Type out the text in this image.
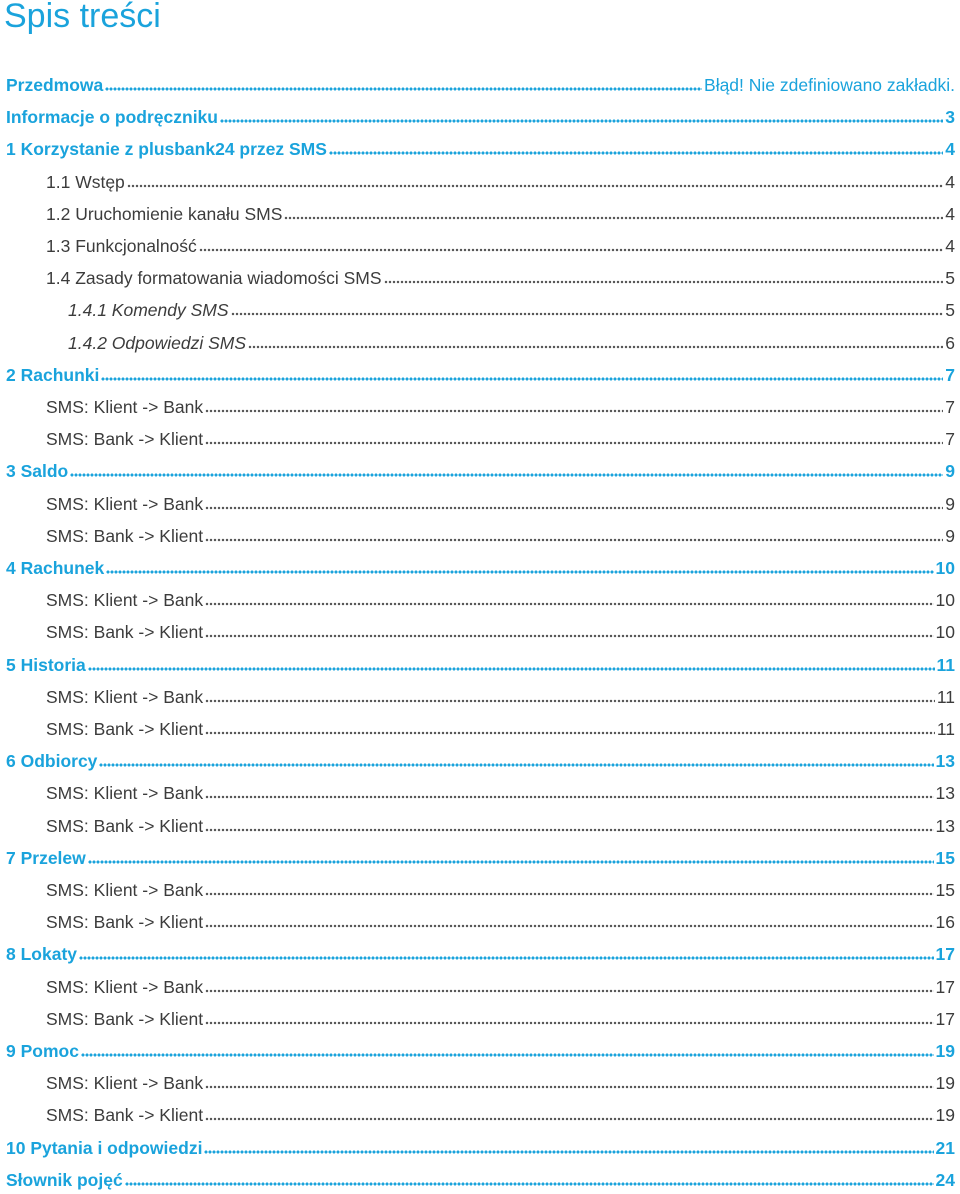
Spis treści
Przedmowa	Błąd! Nie zdefiniowano zakładki.
Informacje o podręczniku	3
1 Korzystanie z plusbank24 przez SMS	4
1.1 Wstęp	4
1.2 Uruchomienie kanału SMS	4
1.3 Funkcjonalność	4
1.4 Zasady formatowania wiadomości SMS	5
1.4.1 Komendy SMS	5
1.4.2 Odpowiedzi SMS	6
2 Rachunki	7
SMS: Klient -> Bank	7
SMS: Bank -> Klient	7
3 Saldo	9
SMS: Klient -> Bank	9
SMS: Bank -> Klient	9
4 Rachunek	10
SMS: Klient -> Bank	10
SMS: Bank -> Klient	10
5 Historia	11
SMS: Klient -> Bank	11
SMS: Bank -> Klient	11
6 Odbiorcy	13
SMS: Klient -> Bank	13
SMS: Bank -> Klient	13
7 Przelew	15
SMS: Klient -> Bank	15
SMS: Bank -> Klient	16
8 Lokaty	17
SMS: Klient -> Bank	17
SMS: Bank -> Klient	17
9 Pomoc	19
SMS: Klient -> Bank	19
SMS: Bank -> Klient	19
10 Pytania i odpowiedzi	21
Słownik pojęć	24
